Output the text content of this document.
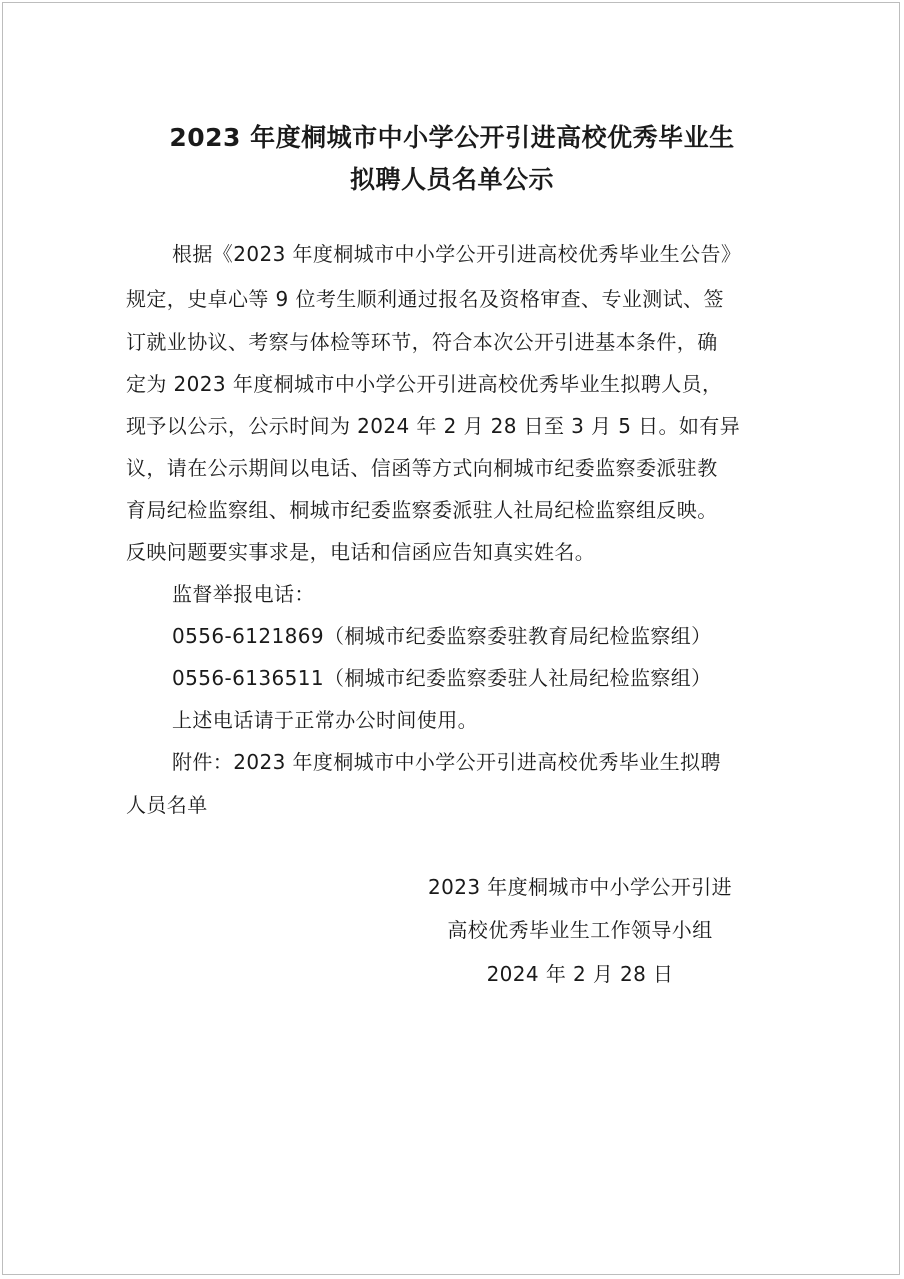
2023 年度桐城市中小学公开引进高校优秀毕业生
拟聘人员名单公示
根据《2023 年度桐城市中小学公开引进高校优秀毕业生公告》
规定，史卓心等 9 位考生顺利通过报名及资格审查、专业测试、签
订就业协议、考察与体检等环节，符合本次公开引进基本条件，确
定为 2023 年度桐城市中小学公开引进高校优秀毕业生拟聘人员，
现予以公示，公示时间为 2024 年 2 月 28 日至 3 月 5 日。如有异
议，请在公示期间以电话、信函等方式向桐城市纪委监察委派驻教
育局纪检监察组、桐城市纪委监察委派驻人社局纪检监察组反映。
反映问题要实事求是，电话和信函应告知真实姓名。
监督举报电话：
0556-6121869（桐城市纪委监察委驻教育局纪检监察组）
0556-6136511（桐城市纪委监察委驻人社局纪检监察组）
上述电话请于正常办公时间使用。
附件：2023 年度桐城市中小学公开引进高校优秀毕业生拟聘
人员名单
2023 年度桐城市中小学公开引进
高校优秀毕业生工作领导小组
2024 年 2 月 28 日
